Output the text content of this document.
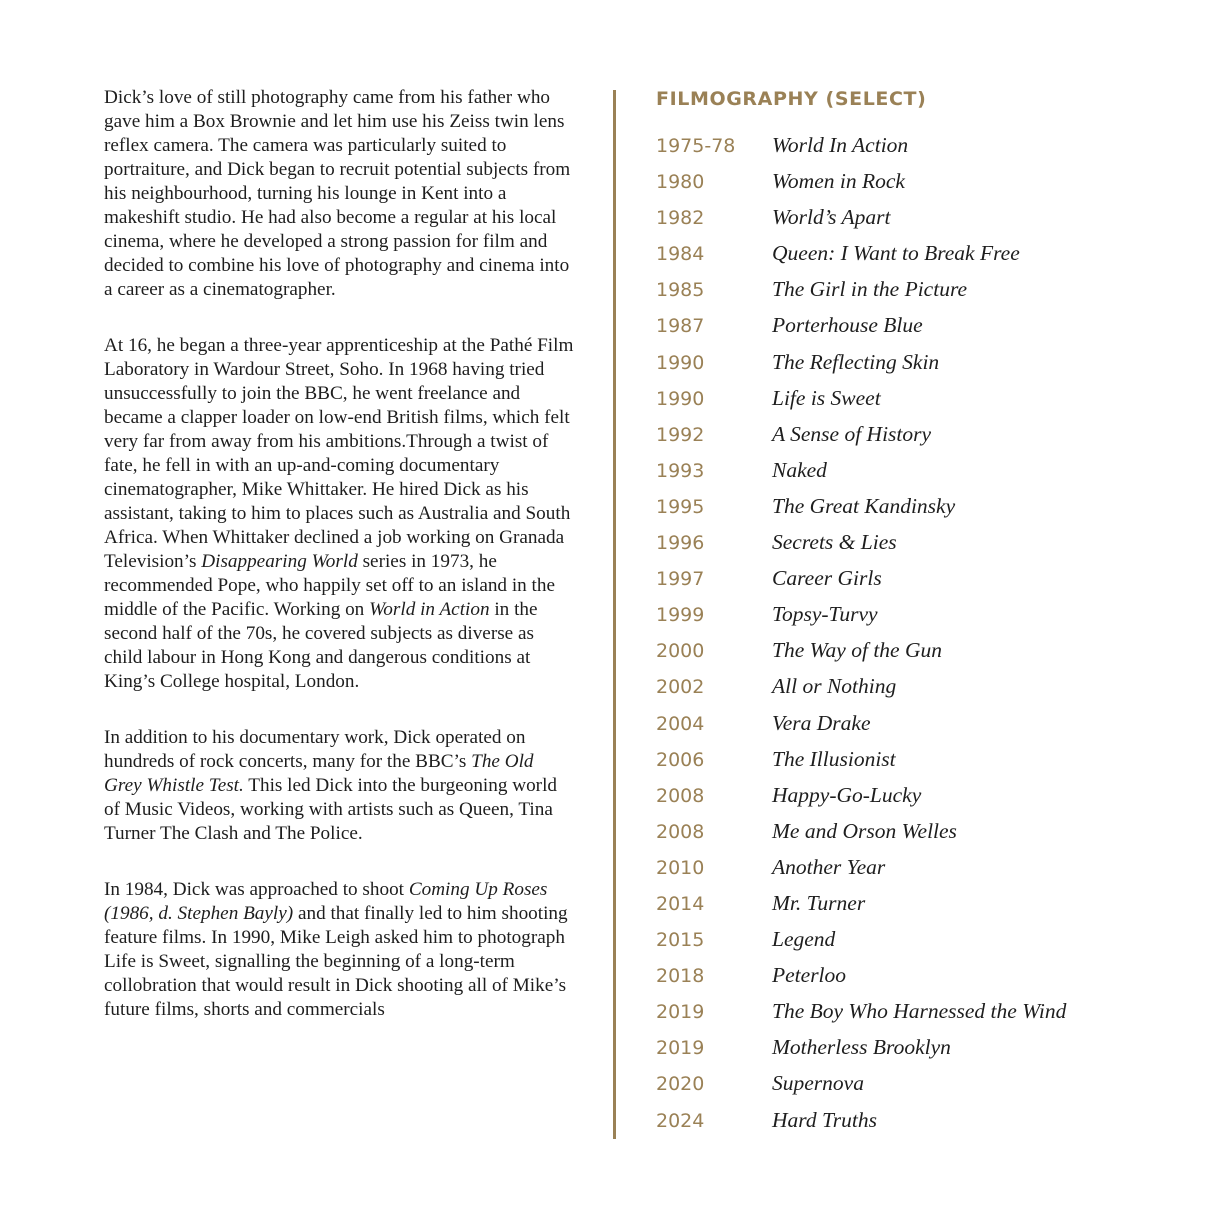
Dick’s love of still photography came from his father who gave him a Box Brownie and let him use his Zeiss twin lens reflex camera. The camera was particularly suited to portraiture, and Dick began to recruit potential subjects from his neighbourhood, turning his lounge in Kent into a makeshift studio. He had also become a regular at his local cinema, where he developed a strong passion for film and decided to combine his love of photography and cinema into a career as a cinematographer.

At 16, he began a three-year apprenticeship at the Pathé Film Laboratory in Wardour Street, Soho. In 1968 having tried unsuccessfully to join the BBC, he went freelance and became a clapper loader on low-end British films, which felt very far from away from his ambitions.Through a twist of fate, he fell in with an up-and-coming documentary cinematographer, Mike Whittaker. He hired Dick as his assistant, taking to him to places such as Australia and South Africa. When Whittaker declined a job working on Granada Television’s Disappearing World series in 1973, he recommended Pope, who happily set off to an island in the middle of the Pacific. Working on World in Action in the second half of the 70s, he covered subjects as diverse as child labour in Hong Kong and dangerous conditions at King’s College hospital, London.

In addition to his documentary work, Dick operated on hundreds of rock concerts, many for the BBC’s The Old Grey Whistle Test. This led Dick into the burgeoning world of Music Videos, working with artists such as Queen, Tina Turner The Clash and The Police.

In 1984, Dick was approached to shoot Coming Up Roses (1986, d. Stephen Bayly) and that finally led to him shooting feature films. In 1990, Mike Leigh asked him to photograph Life is Sweet, signalling the beginning of a long-term collobration that would result in Dick shooting all of Mike’s future films, shorts and commercials

FILMOGRAPHY (SELECT)
1975-78	World In Action
1980	Women in Rock
1982	World’s Apart
1984	Queen: I Want to Break Free
1985	The Girl in the Picture
1987	Porterhouse Blue
1990	The Reflecting Skin
1990	Life is Sweet
1992	A Sense of History
1993	Naked
1995	The Great Kandinsky
1996	Secrets & Lies
1997	Career Girls
1999	Topsy-Turvy
2000	The Way of the Gun
2002	All or Nothing
2004	Vera Drake
2006	The Illusionist
2008	Happy-Go-Lucky
2008	Me and Orson Welles
2010	Another Year
2014	Mr. Turner
2015	Legend
2018	Peterloo
2019	The Boy Who Harnessed the Wind
2019	Motherless Brooklyn
2020	Supernova
2024	Hard Truths
